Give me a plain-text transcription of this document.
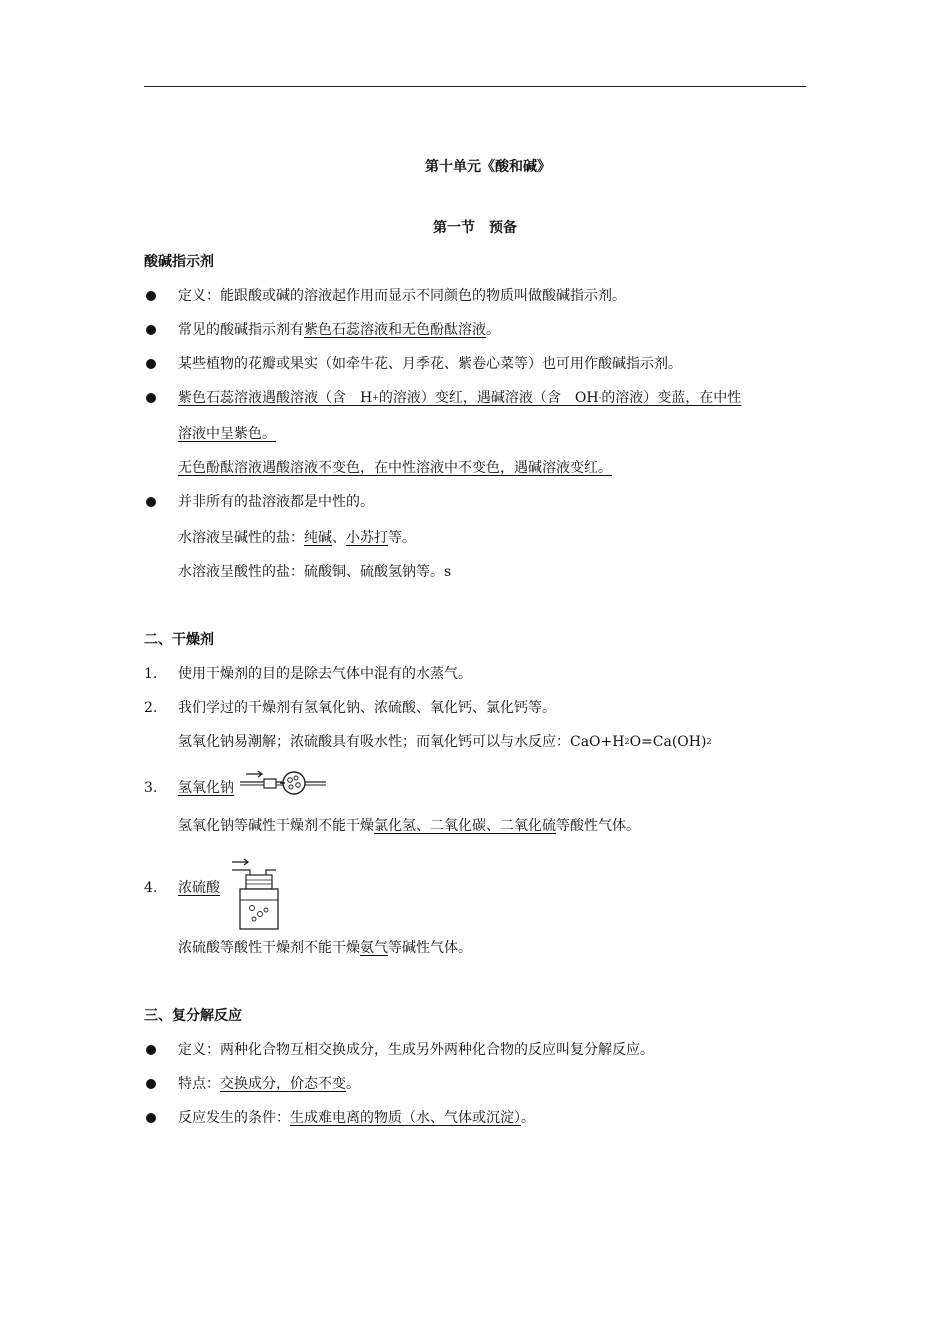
第十单元《酸和碱》
第一节　预备
酸碱指示剂
定义：能跟酸或碱的溶液起作用而显示不同颜色的物质叫做酸碱指示剂。
常见的酸碱指示剂有紫色石蕊溶液和无色酚酞溶液。
某些植物的花瓣或果实（如牵牛花、月季花、紫卷心菜等）也可用作酸碱指示剂。
紫色石蕊溶液遇酸溶液（含　H+的溶液）变红，遇碱溶液（含　OH-的溶液）变蓝，在中性
溶液中呈紫色。
无色酚酞溶液遇酸溶液不变色，在中性溶液中不变色，遇碱溶液变红。
并非所有的盐溶液都是中性的。
水溶液呈碱性的盐：纯碱、小苏打等。
水溶液呈酸性的盐：硫酸铜、硫酸氢钠等。s
二、干燥剂
1. 使用干燥剂的目的是除去气体中混有的水蒸气。
2. 我们学过的干燥剂有氢氧化钠、浓硫酸、氧化钙、氯化钙等。
氢氧化钠易潮解；浓硫酸具有吸水性；而氧化钙可以与水反应：CaO+H2O=Ca(OH)2
3. 氢氧化钠
氢氧化钠等碱性干燥剂不能干燥氯化氢、二氧化碳、二氧化硫等酸性气体。
4. 浓硫酸
浓硫酸等酸性干燥剂不能干燥氨气等碱性气体。
三、复分解反应
定义：两种化合物互相交换成分，生成另外两种化合物的反应叫复分解反应。
特点：交换成分，价态不变。
反应发生的条件：生成难电离的物质（水、气体或沉淀）。
